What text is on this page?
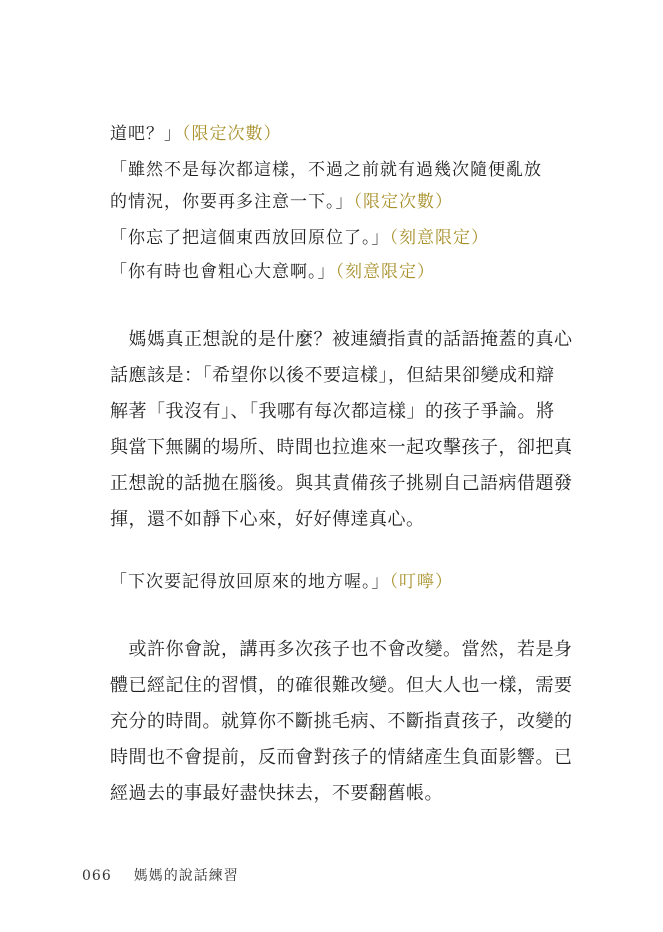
道吧？」（限定次數）
「雖然不是每次都這樣，不過之前就有過幾次隨便亂放
的情況，你要再多注意一下。」（限定次數）
「你忘了把這個東西放回原位了。」（刻意限定）
「你有時也會粗心大意啊。」（刻意限定）
　媽媽真正想說的是什麼？被連續指責的話語掩蓋的真心
話應該是：「希望你以後不要這樣」，但結果卻變成和辯
解著「我沒有」、「我哪有每次都這樣」的孩子爭論。將
與當下無關的場所、時間也拉進來一起攻擊孩子，卻把真
正想說的話拋在腦後。與其責備孩子挑剔自己語病借題發
揮，還不如靜下心來，好好傳達真心。
「下次要記得放回原來的地方喔。」（叮嚀）
　或許你會說，講再多次孩子也不會改變。當然，若是身
體已經記住的習慣，的確很難改變。但大人也一樣，需要
充分的時間。就算你不斷挑毛病、不斷指責孩子，改變的
時間也不會提前，反而會對孩子的情緒產生負面影響。已
經過去的事最好盡快抹去，不要翻舊帳。
066 媽媽的說話練習
